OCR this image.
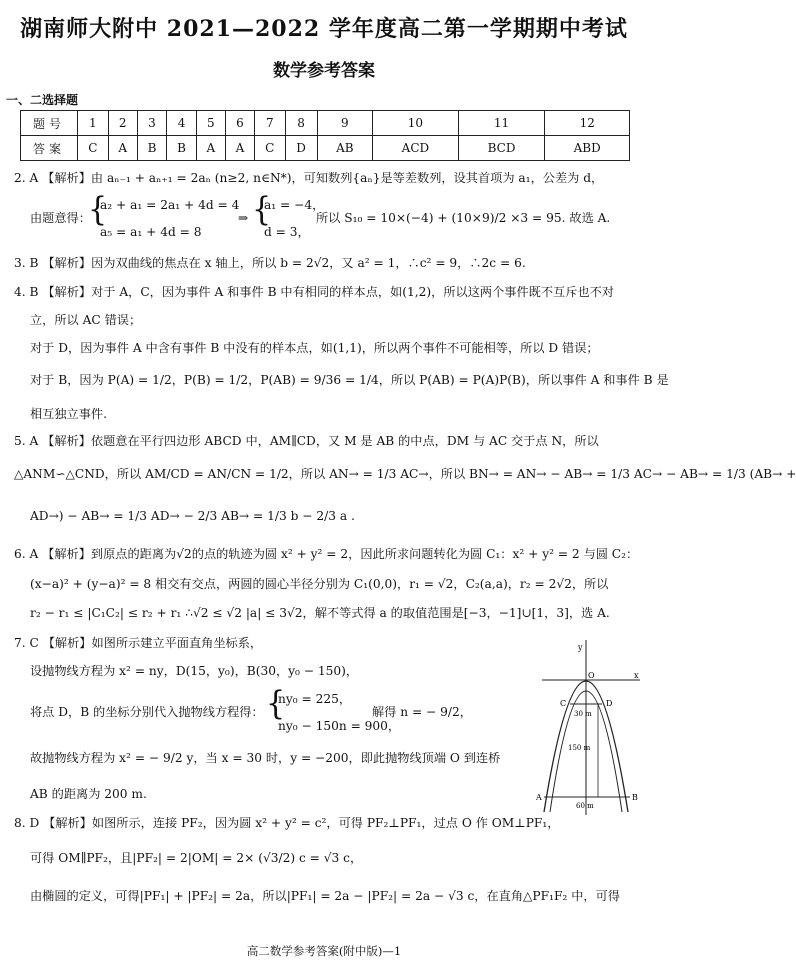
湖南师大附中 2021—2022 学年度高二第一学期期中考试
数学参考答案
一、二选择题
题号	1	2	3	4	5	6	7	8	9	10	11	12
答案	C	A	B	B	A	A	C	D	AB	ACD	BCD	ABD
2. A 【解析】由 aₙ₋₁ + aₙ₊₁ = 2aₙ (n≥2, n∈N*)，可知数列{aₙ}是等差数列，设其首项为 a₁，公差为 d，
由题意得：
{
a₂ + a₁ = 2a₁ + 4d = 4
a₅ = a₁ + 4d = 8
⇒ {
a₁ = −4，
d = 3，
所以 S₁₀ = 10×(−4) + (10×9)/2 ×3 = 95. 故选 A.
3. B 【解析】因为双曲线的焦点在 x 轴上，所以 b = 2√2，又 a² = 1，∴c² = 9，∴2c = 6.
4. B 【解析】对于 A，C，因为事件 A 和事件 B 中有相同的样本点，如(1,2)，所以这两个事件既不互斥也不对
立，所以 AC 错误；
对于 D，因为事件 A 中含有事件 B 中没有的样本点，如(1,1)，所以两个事件不可能相等，所以 D 错误；
对于 B，因为 P(A) = 1/2，P(B) = 1/2，P(AB) = 9/36 = 1/4，所以 P(AB) = P(A)P(B)，所以事件 A 和事件 B 是
相互独立事件.
5. A 【解析】依题意在平行四边形 ABCD 中，AM∥CD，又 M 是 AB 的中点，DM 与 AC 交于点 N，所以
△ANM∽△CND，所以 AM/CD = AN/CN = 1/2，所以 AN→ = 1/3 AC→，所以 BN→ = AN→ − AB→ = 1/3 AC→ − AB→ = 1/3 (AB→ +
AD→) − AB→ = 1/3 AD→ − 2/3 AB→ = 1/3 b − 2/3 a .
6. A 【解析】到原点的距离为√2的点的轨迹为圆 x² + y² = 2，因此所求问题转化为圆 C₁：x² + y² = 2 与圆 C₂：
(x−a)² + (y−a)² = 8 相交有交点，两圆的圆心半径分别为 C₁(0,0)，r₁ = √2，C₂(a,a)，r₂ = 2√2，所以
r₂ − r₁ ≤ |C₁C₂| ≤ r₂ + r₁ ∴√2 ≤ √2 |a| ≤ 3√2，解不等式得 a 的取值范围是[−3，−1]∪[1，3]，选 A.
7. C 【解析】如图所示建立平面直角坐标系，
设抛物线方程为 x² = ny，D(15，y₀)，B(30，y₀ − 150)，
将点 D，B 的坐标分别代入抛物线方程得： {
ny₀ = 225，
ny₀ − 150n = 900，
解得 n = − 9/2，
故抛物线方程为 x² = − 9/2 y，当 x = 30 时，y = −200，即此抛物线顶端 O 到连桥
AB 的距离为 200 m.
8. D 【解析】如图所示，连接 PF₂，因为圆 x² + y² = c²，可得 PF₂⊥PF₁，过点 O 作 OM⊥PF₁，
可得 OM∥PF₂，且|PF₂| = 2|OM| = 2× (√3/2) c = √3 c，
由椭圆的定义，可得|PF₁| + |PF₂| = 2a，所以|PF₁| = 2a − |PF₂| = 2a − √3 c，在直角△PF₁F₂ 中，可得
O
y
x
C	D
B
A
30 m
150 m
60 m
高二数学参考答案(附中版)—1
